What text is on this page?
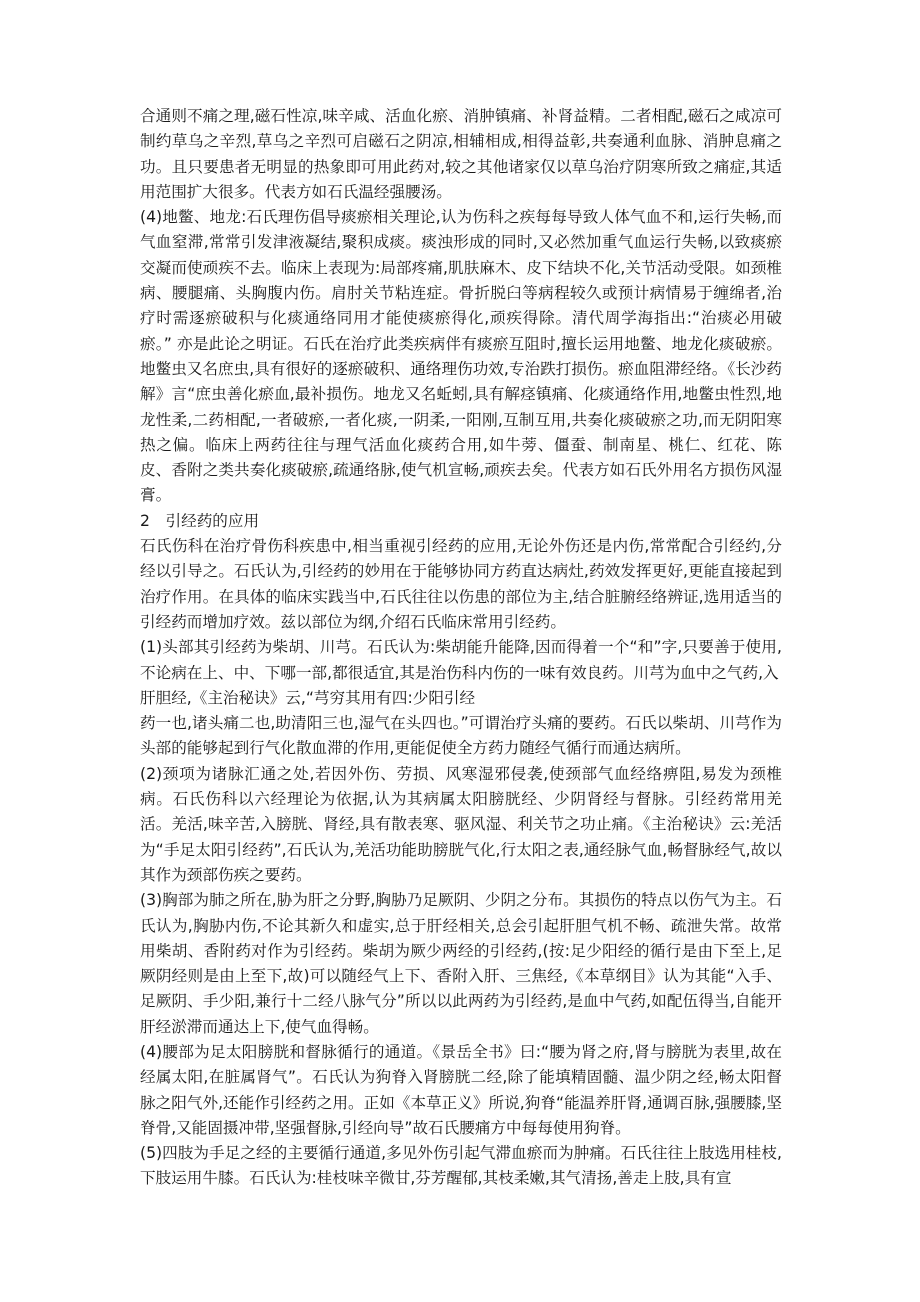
合通则不痛之理,磁石性凉,味辛咸、活血化瘀、消肿镇痛、补肾益精。二者相配,磁石之咸凉可制约草乌之辛烈,草乌之辛烈可启磁石之阴凉,相辅相成,相得益彰,共奏通利血脉、消肿息痛之功。且只要患者无明显的热象即可用此药对,较之其他诸家仅以草乌治疗阴寒所致之痛症,其适用范围扩大很多。代表方如石氏温经强腰汤。

(4)地鳖、地龙:石氏理伤倡导痰瘀相关理论,认为伤科之疾每每导致人体气血不和,运行失畅,而气血窒滞,常常引发津液凝结,聚积成痰。痰浊形成的同时,又必然加重气血运行失畅,以致痰瘀交凝而使顽疾不去。临床上表现为:局部疼痛,肌肤麻木、皮下结块不化,关节活动受限。如颈椎病、腰腿痛、头胸腹内伤。肩肘关节粘连症。骨折脱臼等病程较久或预计病情易于缠绵者,治疗时需逐瘀破积与化痰通络同用才能使痰瘀得化,顽疾得除。清代周学海指出:“治痰必用破瘀。” 亦是此论之明证。石氏在治疗此类疾病伴有痰瘀互阻时,擅长运用地鳖、地龙化痰破瘀。地鳖虫又名庶虫,具有很好的逐瘀破积、通络理伤功效,专治跌打损伤。瘀血阻滞经络。《长沙药解》言“庶虫善化瘀血,最补损伤。地龙又名蚯蚓,具有解痉镇痛、化痰通络作用,地鳖虫性烈,地龙性柔,二药相配,一者破瘀,一者化痰,一阴柔,一阳刚,互制互用,共奏化痰破瘀之功,而无阴阳寒热之偏。临床上两药往往与理气活血化痰药合用,如牛蒡、僵蚕、制南星、桃仁、红花、陈皮、香附之类共奏化痰破瘀,疏通络脉,使气机宣畅,顽疾去矣。代表方如石氏外用名方损伤风湿膏。

2　引经药的应用

石氏伤科在治疗骨伤科疾患中,相当重视引经药的应用,无论外伤还是内伤,常常配合引经约,分经以引导之。石氏认为,引经药的妙用在于能够协同方药直达病灶,药效发挥更好,更能直接起到治疗作用。在具体的临床实践当中,石氏往往以伤患的部位为主,结合脏腑经络辨证,选用适当的引经药而增加疗效。兹以部位为纲,介绍石氏临床常用引经药。

(1)头部其引经药为柴胡、川芎。石氏认为:柴胡能升能降,因而得着一个“和”字,只要善于使用,不论病在上、中、下哪一部,都很适宜,其是治伤科内伤的一味有效良药。川芎为血中之气药,入

肝胆经,《主治秘诀》云,“芎穷其用有四:少阳引经

药一也,诸头痛二也,助清阳三也,湿气在头四也。”可谓治疗头痛的要药。石氏以柴胡、川芎作为头部的能够起到行气化散血滞的作用,更能促使全方药力随经气循行而通达病所。

(2)颈项为诸脉汇通之处,若因外伤、劳损、风寒湿邪侵袭,使颈部气血经络痹阻,易发为颈椎病。石氏伤科以六经理论为依据,认为其病属太阳膀胱经、少阴肾经与督脉。引经药常用羌活。羌活,味辛苦,入膀胱、肾经,具有散表寒、驱风湿、利关节之功止痛。《主治秘诀》云:羌活为“手足太阳引经药”,石氏认为,羌活功能助膀胱气化,行太阳之表,通经脉气血,畅督脉经气,故以其作为颈部伤疾之要药。

(3)胸部为肺之所在,胁为肝之分野,胸胁乃足厥阴、少阴之分布。其损伤的特点以伤气为主。石氏认为,胸胁内伤,不论其新久和虚实,总于肝经相关,总会引起肝胆气机不畅、疏泄失常。故常用柴胡、香附药对作为引经药。柴胡为厥少两经的引经药,(按:足少阳经的循行是由下至上,足厥阴经则是由上至下,故)可以随经气上下、香附入肝、三焦经,《本草纲目》认为其能“入手、足厥阴、手少阳,兼行十二经八脉气分”所以以此两药为引经药,是血中气药,如配伍得当,自能开肝经淤滞而通达上下,使气血得畅。

(4)腰部为足太阳膀胱和督脉循行的通道。《景岳全书》曰:“腰为肾之府,肾与膀胱为表里,故在经属太阳,在脏属肾气”。石氏认为狗脊入肾膀胱二经,除了能填精固髓、温少阴之经,畅太阳督脉之阳气外,还能作引经药之用。正如《本草正义》所说,狗脊“能温养肝肾,通调百脉,强腰膝,坚脊骨,又能固摄冲带,坚强督脉,引经向导”故石氏腰痛方中每每使用狗脊。

(5)四肢为手足之经的主要循行通道,多见外伤引起气滞血瘀而为肿痛。石氏往往上肢选用桂枝,下肢运用牛膝。石氏认为:桂枝味辛微甘,芬芳醒郁,其枝柔嫩,其气清扬,善走上肢,具有宣
